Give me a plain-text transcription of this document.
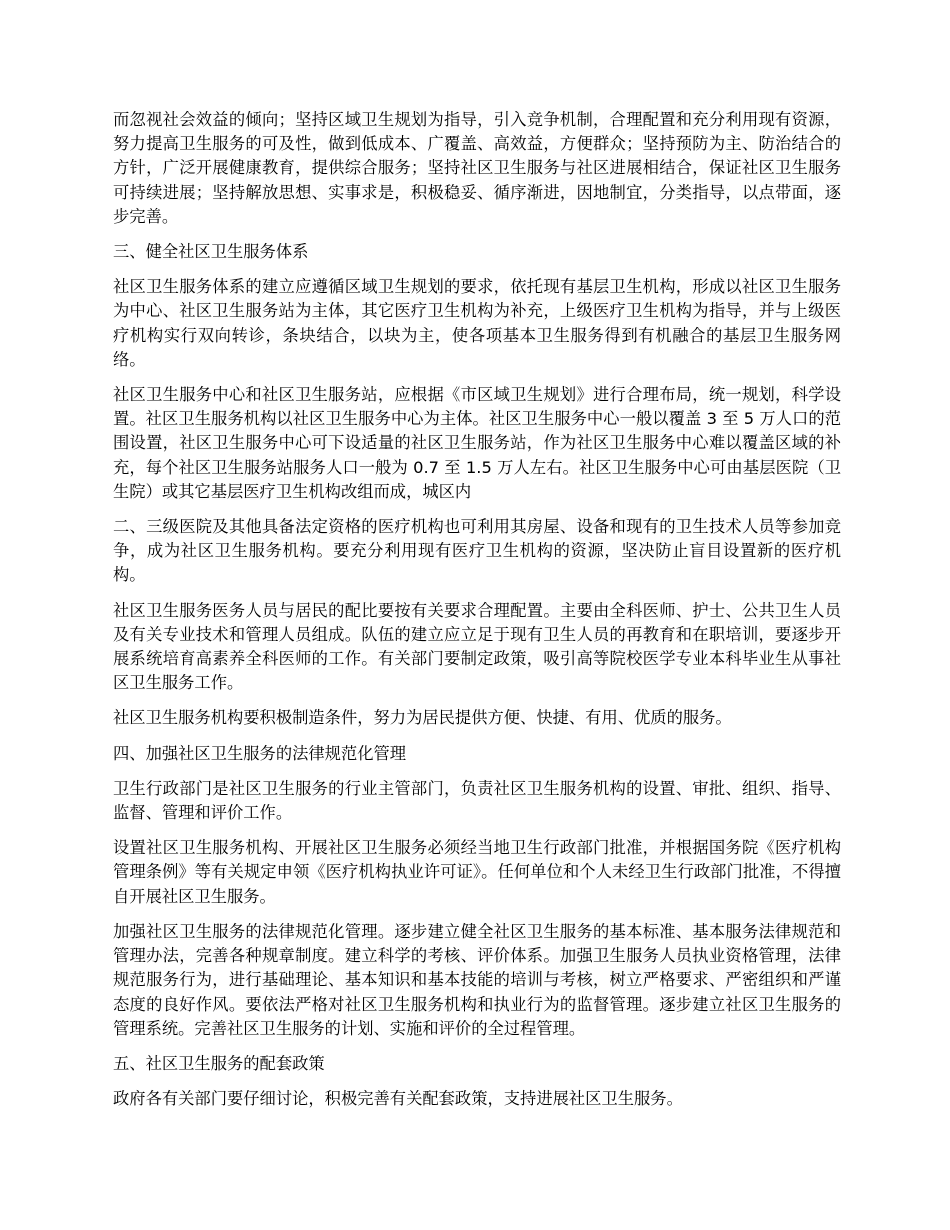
而忽视社会效益的倾向；坚持区域卫生规划为指导，引入竞争机制，合理配置和充分利用现有资源，努力提高卫生服务的可及性，做到低成本、广覆盖、高效益，方便群众；坚持预防为主、防治结合的方针，广泛开展健康教育，提供综合服务；坚持社区卫生服务与社区进展相结合，保证社区卫生服务可持续进展；坚持解放思想、实事求是，积极稳妥、循序渐进，因地制宜，分类指导，以点带面，逐步完善。

三、健全社区卫生服务体系

社区卫生服务体系的建立应遵循区域卫生规划的要求，依托现有基层卫生机构，形成以社区卫生服务为中心、社区卫生服务站为主体，其它医疗卫生机构为补充，上级医疗卫生机构为指导，并与上级医疗机构实行双向转诊，条块结合，以块为主，使各项基本卫生服务得到有机融合的基层卫生服务网络。

社区卫生服务中心和社区卫生服务站，应根据《市区域卫生规划》进行合理布局，统一规划，科学设置。社区卫生服务机构以社区卫生服务中心为主体。社区卫生服务中心一般以覆盖 3 至 5 万人口的范围设置，社区卫生服务中心可下设适量的社区卫生服务站，作为社区卫生服务中心难以覆盖区域的补充，每个社区卫生服务站服务人口一般为 0.7 至 1.5 万人左右。社区卫生服务中心可由基层医院（卫生院）或其它基层医疗卫生机构改组而成，城区内

二、三级医院及其他具备法定资格的医疗机构也可利用其房屋、设备和现有的卫生技术人员等参加竞争，成为社区卫生服务机构。要充分利用现有医疗卫生机构的资源，坚决防止盲目设置新的医疗机构。

社区卫生服务医务人员与居民的配比要按有关要求合理配置。主要由全科医师、护士、公共卫生人员及有关专业技术和管理人员组成。队伍的建立应立足于现有卫生人员的再教育和在职培训，要逐步开展系统培育高素养全科医师的工作。有关部门要制定政策，吸引高等院校医学专业本科毕业生从事社区卫生服务工作。

社区卫生服务机构要积极制造条件，努力为居民提供方便、快捷、有用、优质的服务。

四、加强社区卫生服务的法律规范化管理

卫生行政部门是社区卫生服务的行业主管部门，负责社区卫生服务机构的设置、审批、组织、指导、监督、管理和评价工作。

设置社区卫生服务机构、开展社区卫生服务必须经当地卫生行政部门批准，并根据国务院《医疗机构管理条例》等有关规定申领《医疗机构执业许可证》。任何单位和个人未经卫生行政部门批准，不得擅自开展社区卫生服务。

加强社区卫生服务的法律规范化管理。逐步建立健全社区卫生服务的基本标准、基本服务法律规范和管理办法，完善各种规章制度。建立科学的考核、评价体系。加强卫生服务人员执业资格管理，法律规范服务行为，进行基础理论、基本知识和基本技能的培训与考核，树立严格要求、严密组织和严谨态度的良好作风。要依法严格对社区卫生服务机构和执业行为的监督管理。逐步建立社区卫生服务的管理系统。完善社区卫生服务的计划、实施和评价的全过程管理。

五、社区卫生服务的配套政策

政府各有关部门要仔细讨论，积极完善有关配套政策，支持进展社区卫生服务。
